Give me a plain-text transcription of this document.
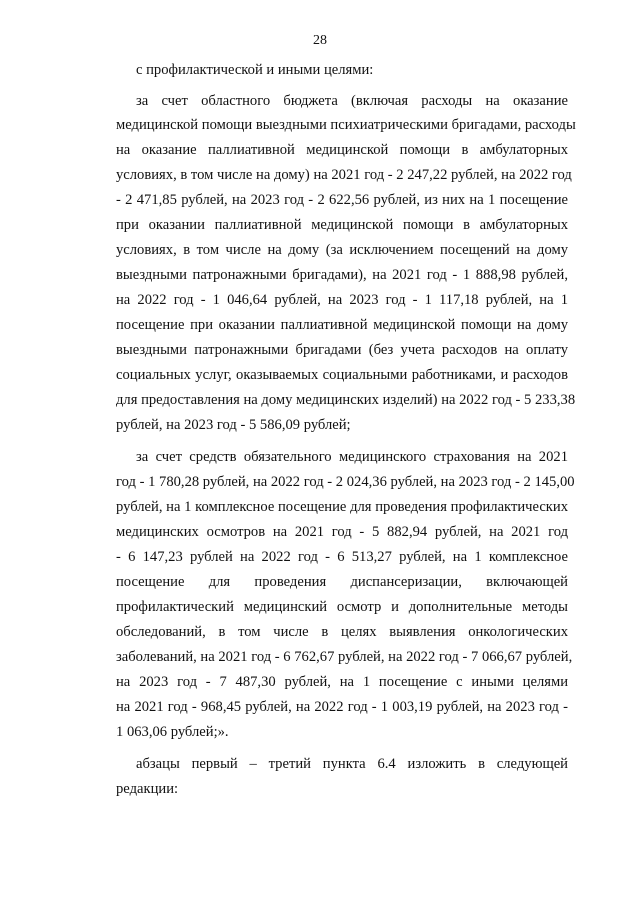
28
с профилактической и иными целями:
за счет областного бюджета (включая расходы на оказание
медицинской помощи выездными психиатрическими бригадами, расходы
на оказание паллиативной медицинской помощи в амбулаторных
условиях, в том числе на дому) на 2021 год - 2 247,22 рублей, на 2022 год
- 2 471,85 рублей, на 2023 год - 2 622,56 рублей, из них на 1 посещение
при оказании паллиативной медицинской помощи в амбулаторных
условиях, в том числе на дому (за исключением посещений на дому
выездными патронажными бригадами), на 2021 год - 1 888,98 рублей,
на 2022 год - 1 046,64 рублей, на 2023 год - 1 117,18 рублей, на 1
посещение при оказании паллиативной медицинской помощи на дому
выездными патронажными бригадами (без учета расходов на оплату
социальных услуг, оказываемых социальными работниками, и расходов
для предоставления на дому медицинских изделий) на 2022 год - 5 233,38
рублей, на 2023 год - 5 586,09 рублей;
за счет средств обязательного медицинского страхования на 2021
год - 1 780,28 рублей, на 2022 год - 2 024,36 рублей, на 2023 год - 2 145,00
рублей, на 1 комплексное посещение для проведения профилактических
медицинских осмотров на 2021 год - 5 882,94 рублей, на 2021 год
- 6 147,23 рублей на 2022 год - 6 513,27 рублей, на 1 комплексное
посещение для проведения диспансеризации, включающей
профилактический медицинский осмотр и дополнительные методы
обследований, в том числе в целях выявления онкологических
заболеваний, на 2021 год - 6 762,67 рублей, на 2022 год - 7 066,67 рублей,
на 2023 год - 7 487,30 рублей, на 1 посещение с иными целями
на 2021 год - 968,45 рублей, на 2022 год - 1 003,19 рублей, на 2023 год -
1 063,06 рублей;».
абзацы первый – третий пункта 6.4 изложить в следующей
редакции:
